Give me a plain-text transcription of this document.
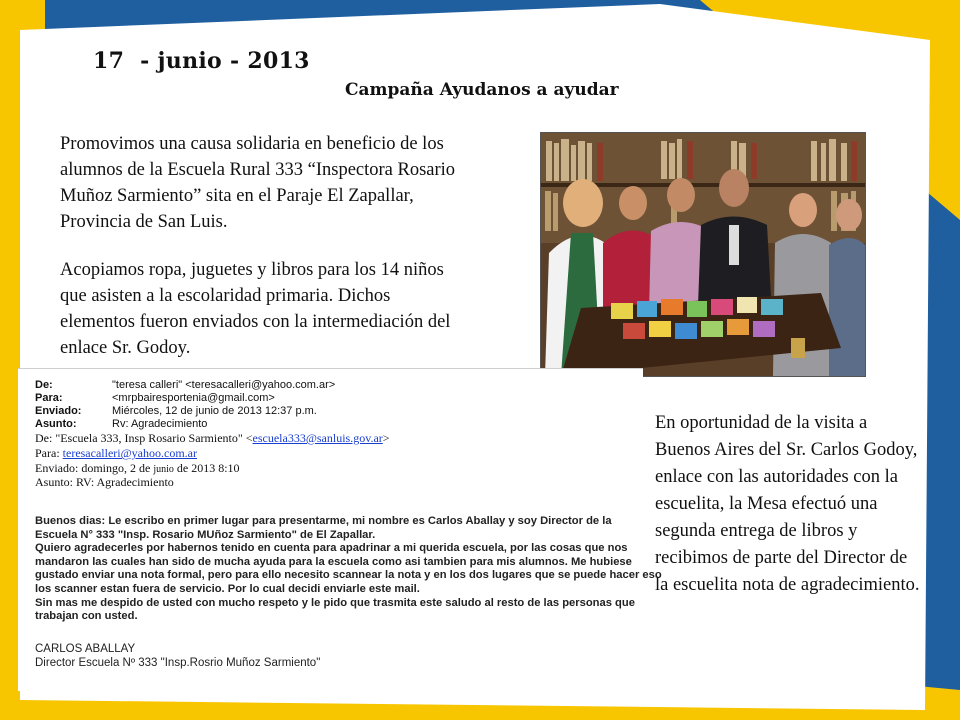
17  - junio - 2013
Campaña Ayudanos a ayudar

Promovimos una causa solidaria en beneficio de los alumnos de la Escuela Rural 333 “Inspectora Rosario Muñoz Sarmiento” sita en el Paraje El Zapallar, Provincia de San Luis.

Acopiamos ropa, juguetes y libros para los 14 niños que asisten a la escolaridad primaria. Dichos elementos fueron enviados con la intermediación del enlace Sr. Godoy.

De:	"teresa calleri" <teresacalleri@yahoo.com.ar>
Para:	<mrpbairesportenia@gmail.com>
Enviado:	Miércoles, 12 de junio de 2013 12:37 p.m.
Asunto:	Rv: Agradecimiento
De: "Escuela 333, Insp Rosario Sarmiento" <escuela333@sanluis.gov.ar>
Para: teresacalleri@yahoo.com.ar
Enviado: domingo, 2 de junio de 2013 8:10
Asunto: RV: Agradecimiento

Buenos dias: Le escribo en primer lugar para presentarme, mi nombre es Carlos Aballay y soy Director de la

Escuela N° 333 "Insp. Rosario MUñoz Sarmiento" de El Zapallar.

Quiero agradecerles por habernos tenido en cuenta para apadrinar a mi querida escuela, por las cosas que nos

mandaron las cuales han sido de mucha ayuda para la escuela como asi tambien para mis alumnos. Me hubiese

gustado enviar una nota formal, pero para ello necesito scannear la nota y en los dos lugares que se puede hacer eso

los scanner estan fuera de servicio. Por lo cual decidi enviarle este mail.

Sin mas me despido de usted con mucho respeto y le pido que trasmita este saludo al resto de las personas que

trabajan con usted.

CARLOS ABALLAY
Director Escuela Nº 333 "Insp.Rosrio Muñoz Sarmiento"

En oportunidad de la visita a Buenos Aires del Sr. Carlos Godoy, enlace con las autoridades con la escuelita, la Mesa efectuó una segunda entrega de libros y recibimos de parte del Director de la escuelita nota de agradecimiento.
